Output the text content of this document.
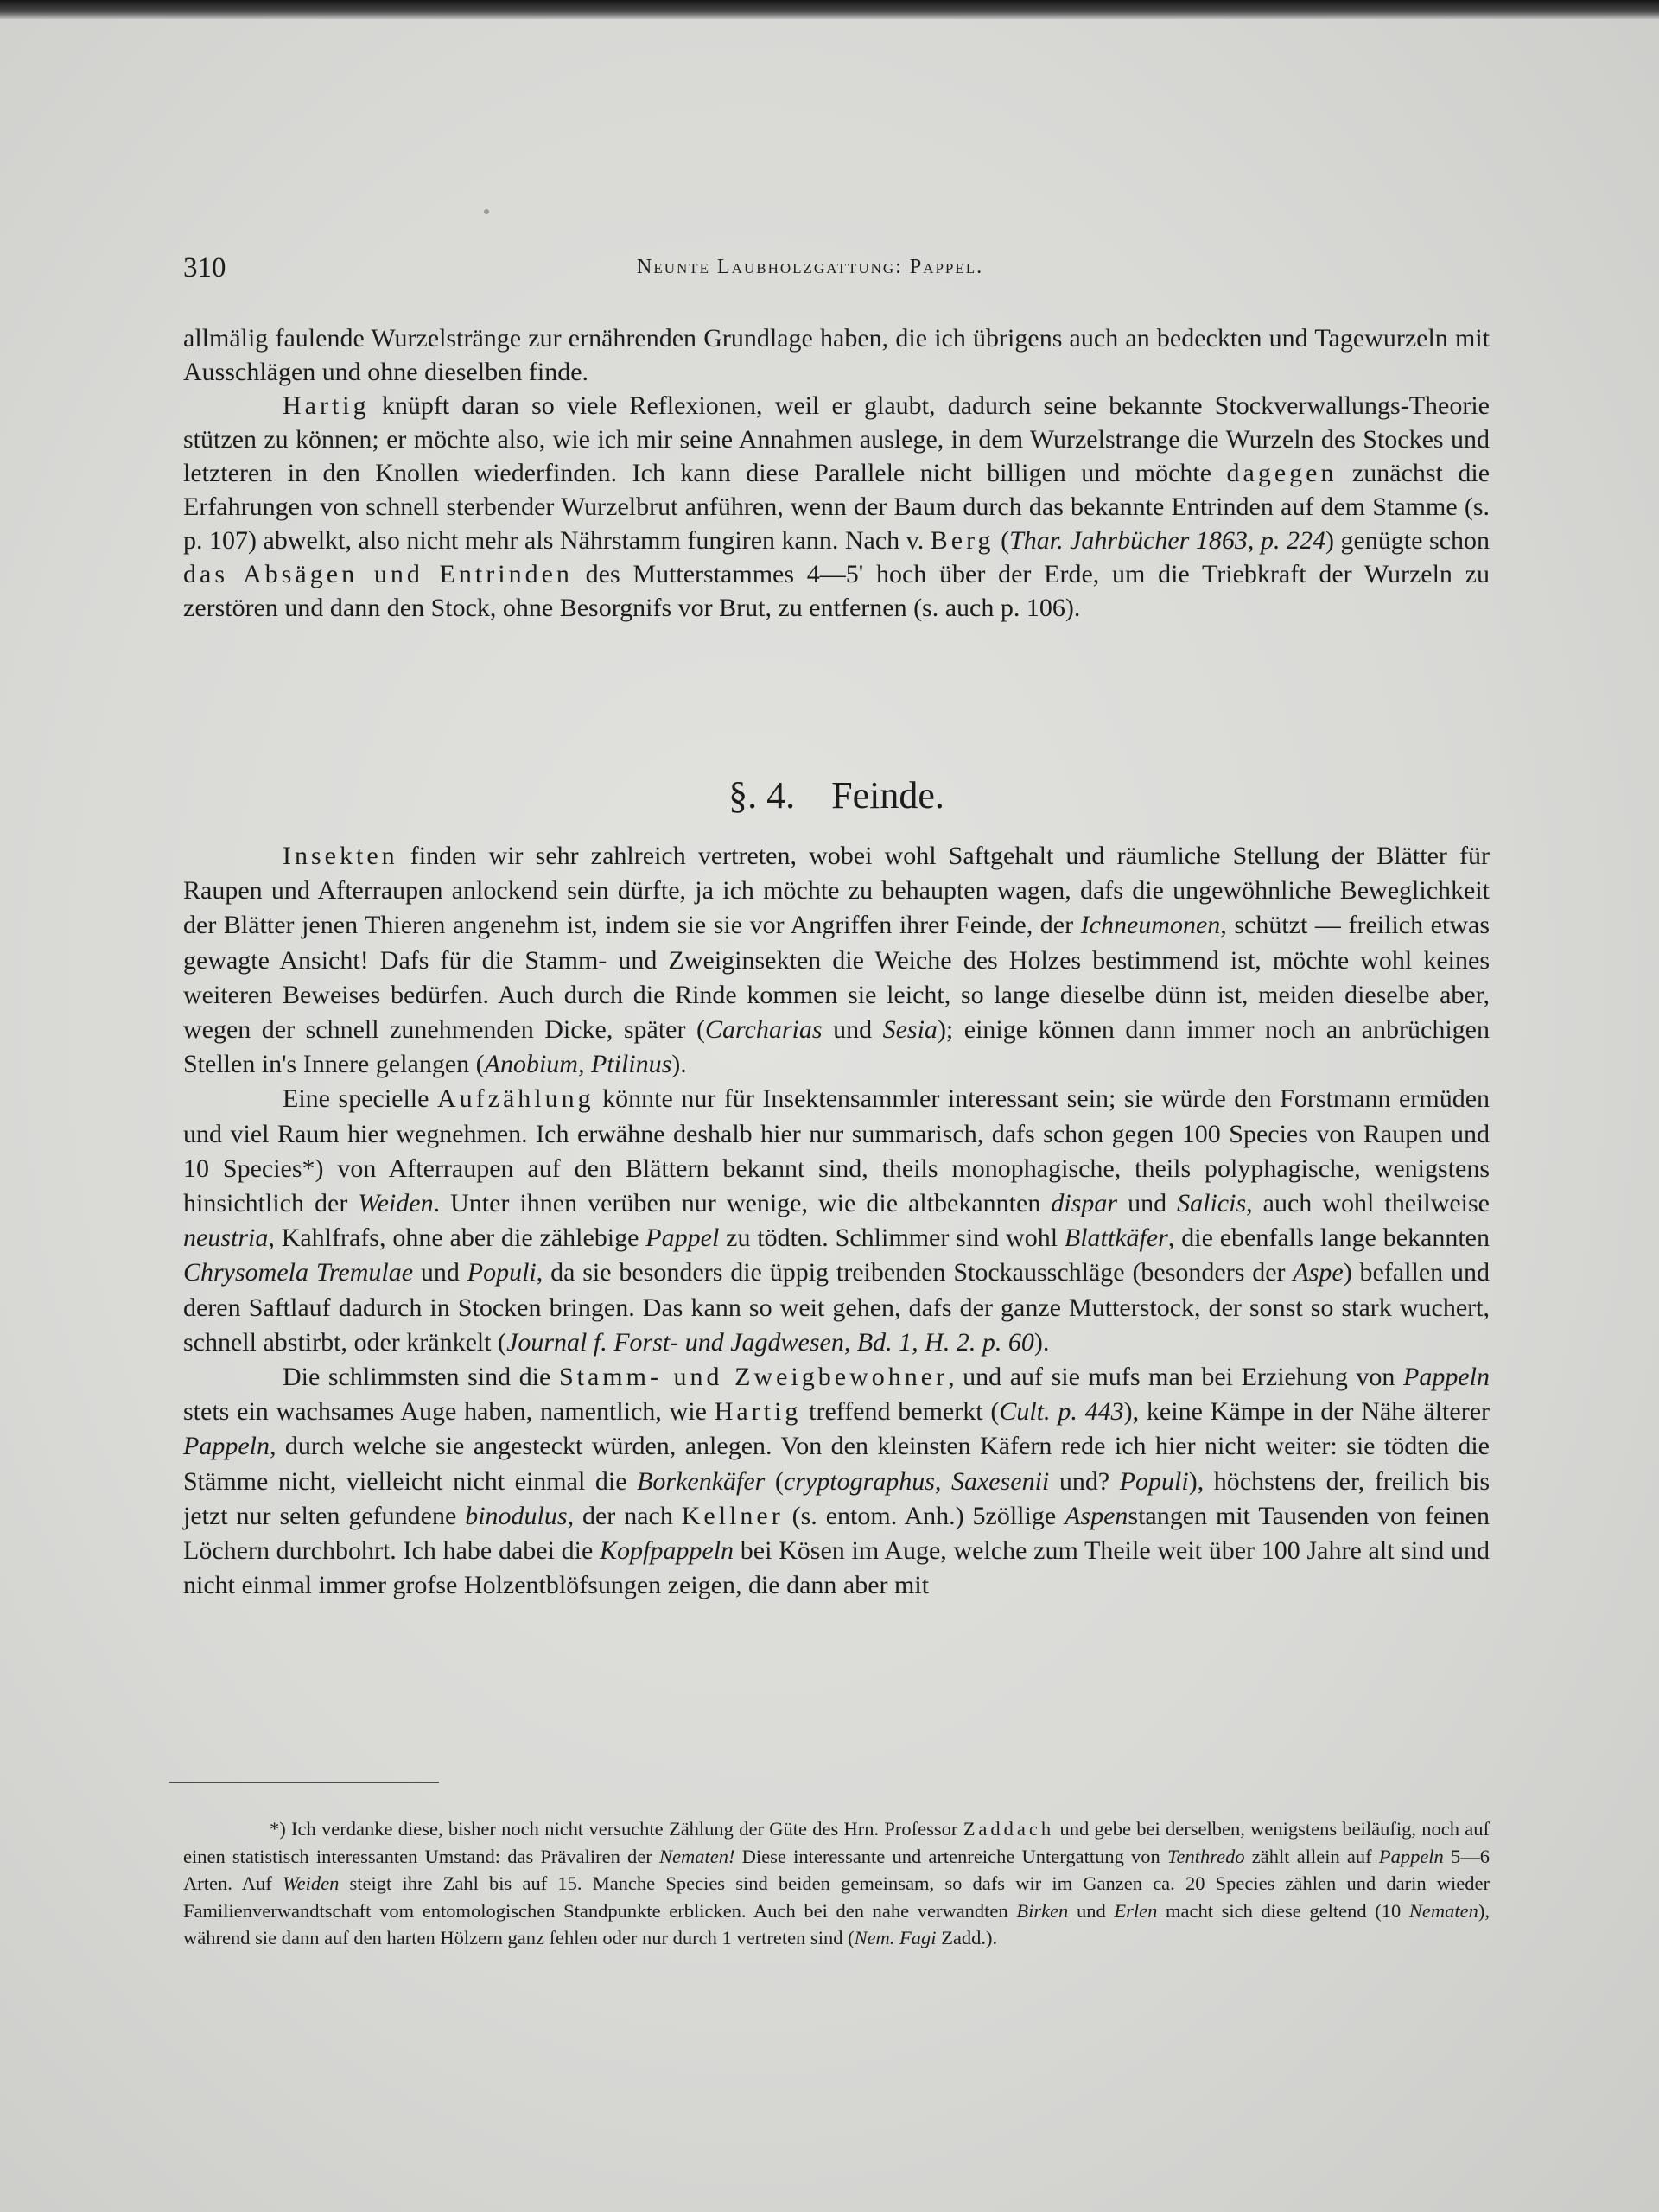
310	Neunte Laubholzgattung: Pappel.

allmälig faulende Wurzelstränge zur ernährenden Grundlage haben, die ich übrigens auch an bedeckten und Tagewurzeln mit Ausschlägen und ohne dieselben finde.

Hartig knüpft daran so viele Reflexionen, weil er glaubt, dadurch seine bekannte Stockverwallungs-Theorie stützen zu können; er möchte also, wie ich mir seine Annahmen auslege, in dem Wurzelstrange die Wurzeln des Stockes und letzteren in den Knollen wiederfinden. Ich kann diese Parallele nicht billigen und möchte dagegen zunächst die Erfahrungen von schnell sterbender Wurzelbrut anführen, wenn der Baum durch das bekannte Entrinden auf dem Stamme (s. p. 107) abwelkt, also nicht mehr als Nährstamm fungiren kann. Nach v. Berg (Thar. Jahrbücher 1863, p. 224) genügte schon das Absägen und Entrinden des Mutterstammes 4—5' hoch über der Erde, um die Triebkraft der Wurzeln zu zerstören und dann den Stock, ohne Besorgnifs vor Brut, zu entfernen (s. auch p. 106).

§. 4. Feinde.

Insekten finden wir sehr zahlreich vertreten, wobei wohl Saftgehalt und räumliche Stellung der Blätter für Raupen und Afterraupen anlockend sein dürfte, ja ich möchte zu behaupten wagen, dafs die ungewöhnliche Beweglichkeit der Blätter jenen Thieren angenehm ist, indem sie sie vor Angriffen ihrer Feinde, der Ichneumonen, schützt — freilich etwas gewagte Ansicht! Dafs für die Stamm- und Zweiginsekten die Weiche des Holzes bestimmend ist, möchte wohl keines weiteren Beweises bedürfen. Auch durch die Rinde kommen sie leicht, so lange dieselbe dünn ist, meiden dieselbe aber, wegen der schnell zunehmenden Dicke, später (Carcharias und Sesia); einige können dann immer noch an anbrüchigen Stellen in's Innere gelangen (Anobium, Ptilinus).

Eine specielle Aufzählung könnte nur für Insektensammler interessant sein; sie würde den Forstmann ermüden und viel Raum hier wegnehmen. Ich erwähne deshalb hier nur summarisch, dafs schon gegen 100 Species von Raupen und 10 Species*) von Afterraupen auf den Blättern bekannt sind, theils monophagische, theils polyphagische, wenigstens hinsichtlich der Weiden. Unter ihnen verüben nur wenige, wie die altbekannten dispar und Salicis, auch wohl theilweise neustria, Kahlfrafs, ohne aber die zählebige Pappel zu tödten. Schlimmer sind wohl Blattkäfer, die ebenfalls lange bekannten Chrysomela Tremulae und Populi, da sie besonders die üppig treibenden Stockausschläge (besonders der Aspe) befallen und deren Saftlauf dadurch in Stocken bringen. Das kann so weit gehen, dafs der ganze Mutterstock, der sonst so stark wuchert, schnell abstirbt, oder kränkelt (Journal f. Forst- und Jagdwesen, Bd. 1, H. 2. p. 60).

Die schlimmsten sind die Stamm- und Zweigbewohner, und auf sie mufs man bei Erziehung von Pappeln stets ein wachsames Auge haben, namentlich, wie Hartig treffend bemerkt (Cult. p. 443), keine Kämpe in der Nähe älterer Pappeln, durch welche sie angesteckt würden, anlegen. Von den kleinsten Käfern rede ich hier nicht weiter: sie tödten die Stämme nicht, vielleicht nicht einmal die Borkenkäfer (cryptographus, Saxesenii und? Populi), höchstens der, freilich bis jetzt nur selten gefundene binodulus, der nach Kellner (s. entom. Anh.) 5zöllige Aspenstangen mit Tausenden von feinen Löchern durchbohrt. Ich habe dabei die Kopfpappeln bei Kösen im Auge, welche zum Theile weit über 100 Jahre alt sind und nicht einmal immer grofse Holzentblöfsungen zeigen, die dann aber mit

*) Ich verdanke diese, bisher noch nicht versuchte Zählung der Güte des Hrn. Professor Zaddach und gebe bei derselben, wenigstens beiläufig, noch auf einen statistisch interessanten Umstand: das Prävaliren der Nematen! Diese interessante und artenreiche Untergattung von Tenthredo zählt allein auf Pappeln 5—6 Arten. Auf Weiden steigt ihre Zahl bis auf 15. Manche Species sind beiden gemeinsam, so dafs wir im Ganzen ca. 20 Species zählen und darin wieder Familienverwandtschaft vom entomologischen Standpunkte erblicken. Auch bei den nahe verwandten Birken und Erlen macht sich diese geltend (10 Nematen), während sie dann auf den harten Hölzern ganz fehlen oder nur durch 1 vertreten sind (Nem. Fagi Zadd.).
